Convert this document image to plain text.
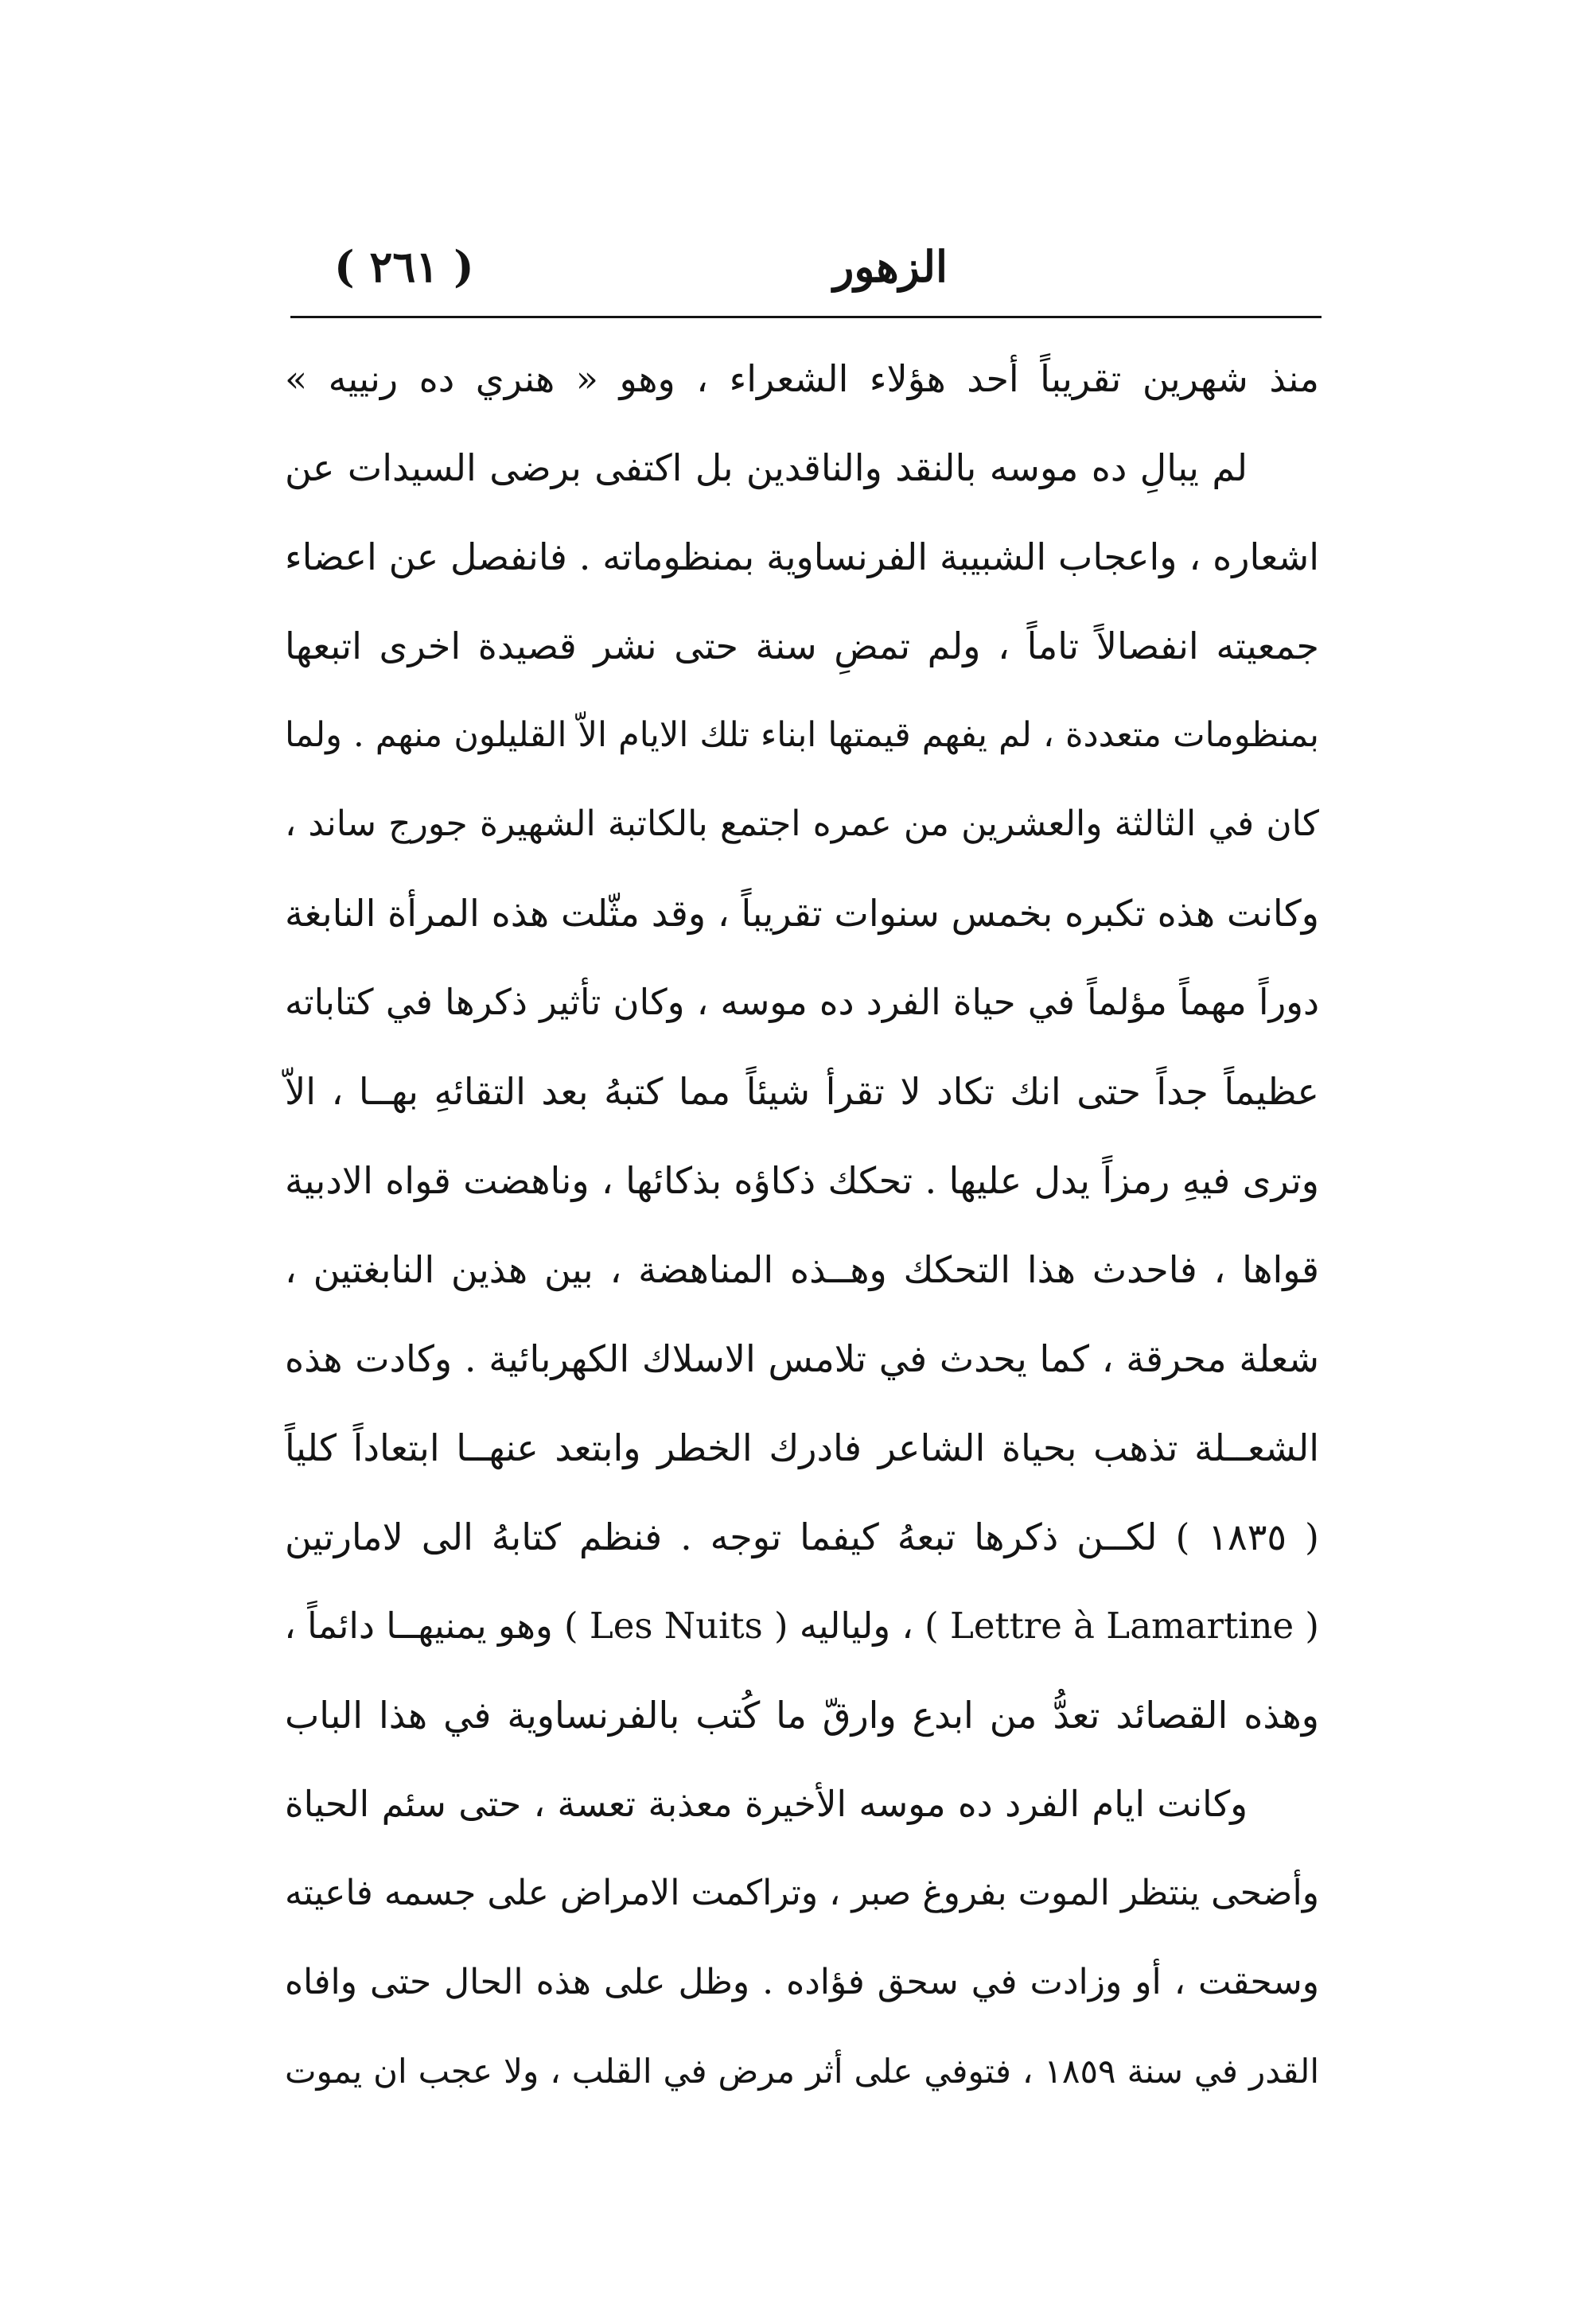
الزهور
( ٢٦١ )
منذ شهرين تقريباً أحد هؤلاء الشعراء ، وهو « هنري ده رنييه »
لم يبالِ ده موسه بالنقد والناقدين بل اكتفى برضى السيدات عن
اشعاره ، واعجاب الشبيبة الفرنساوية بمنظوماته . فانفصل عن اعضاء
جمعيته انفصالاً تاماً ، ولم تمضِ سنة حتى نشر قصيدة اخرى اتبعها
بمنظومات متعددة ، لم يفهم قيمتها ابناء تلك الايام الاّ القليلون منهم . ولما
كان في الثالثة والعشرين من عمره اجتمع بالكاتبة الشهيرة جورج ساند ،
وكانت هذه تكبره بخمس سنوات تقريباً ، وقد مثّلت هذه المرأة النابغة
دوراً مهماً مؤلماً في حياة الفرد ده موسه ، وكان تأثير ذكرها في كتاباته
عظيماً جداً حتى انك تكاد لا تقرأ شيئاً مما كتبهُ بعد التقائهِ بهــا ، الاّ
وترى فيهِ رمزاً يدل عليها . تحكك ذكاؤه بذكائها ، وناهضت قواه الادبية
قواها ، فاحدث هذا التحكك وهــذه المناهضة ، بين هذين النابغتين ،
شعلة محرقة ، كما يحدث في تلامس الاسلاك الكهربائية . وكادت هذه
الشعــلة تذهب بحياة الشاعر فادرك الخطر وابتعد عنهــا ابتعاداً كلياً
( ١٨٣٥ ) لكــن ذكرها تبعهُ كيفما توجه . فنظم كتابهُ الى لامارتين
( Lettre à Lamartine ) ، ولياليه ( Les Nuits ) وهو يمنيهــا دائماً ،
وهذه القصائد تعدُّ من ابدع وارقّ ما كُتب بالفرنساوية في هذا الباب
وكانت ايام الفرد ده موسه الأخيرة معذبة تعسة ، حتى سئم الحياة
وأضحى ينتظر الموت بفروغ صبر ، وتراكمت الامراض على جسمه فاعيته
وسحقت ، أو وزادت في سحق فؤاده . وظل على هذه الحال حتى وافاه
القدر في سنة ١٨٥٩ ، فتوفي على أثر مرض في القلب ، ولا عجب ان يموت
